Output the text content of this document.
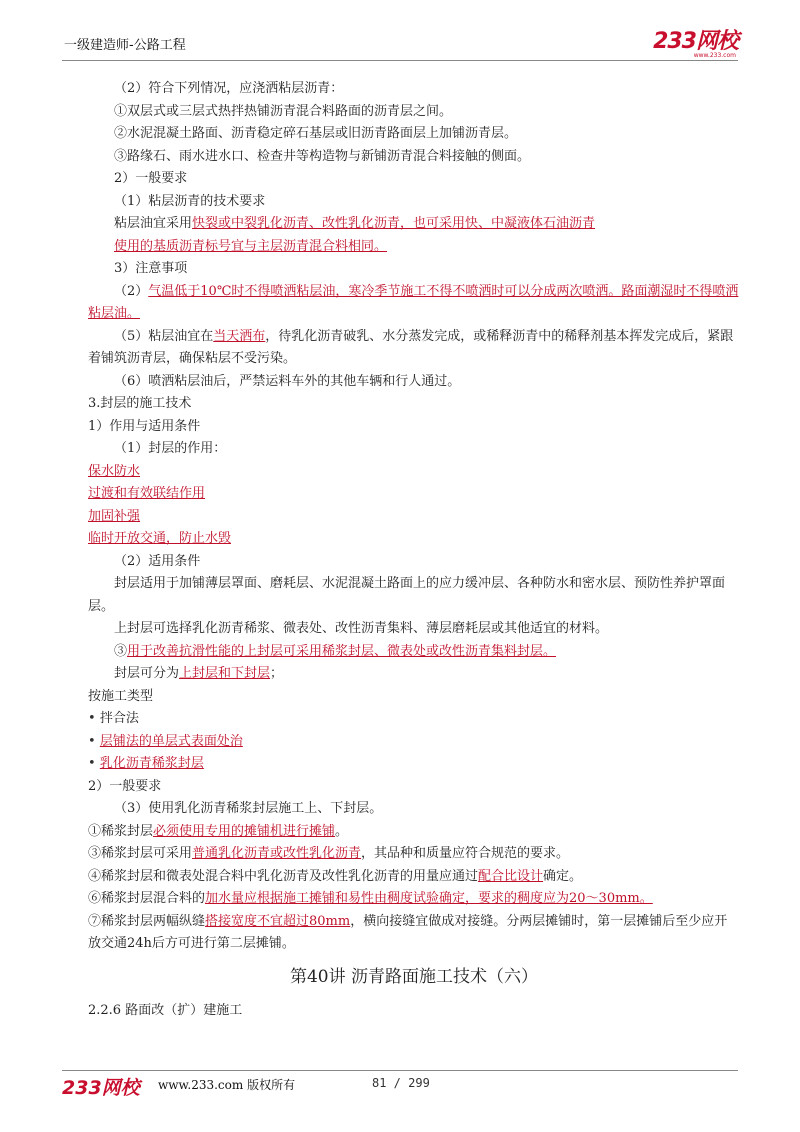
一级建造师-公路工程	233网校
www.233.com

（2）符合下列情况，应浇洒粘层沥青：

①双层式或三层式热拌热铺沥青混合料路面的沥青层之间。

②水泥混凝土路面、沥青稳定碎石基层或旧沥青路面层上加铺沥青层。

③路缘石、雨水进水口、检查井等构造物与新铺沥青混合料接触的侧面。

2）一般要求

（1）粘层沥青的技术要求

粘层油宜采用快裂或中裂乳化沥青、改性乳化沥青，也可采用快、中凝液体石油沥青

使用的基质沥青标号宜与主层沥青混合料相同。

3）注意事项

（2）气温低于10℃时不得喷洒粘层油，寒冷季节施工不得不喷洒时可以分成两次喷洒。路面潮湿时不得喷洒粘层油。

（5）粘层油宜在当天洒布，待乳化沥青破乳、水分蒸发完成，或稀释沥青中的稀释剂基本挥发完成后，紧跟着铺筑沥青层，确保粘层不受污染。

（6）喷洒粘层油后，严禁运料车外的其他车辆和行人通过。

3.封层的施工技术

1）作用与适用条件

（1）封层的作用：

保水防水

过渡和有效联结作用

加固补强

临时开放交通，防止水毁

（2）适用条件

封层适用于加铺薄层罩面、磨耗层、水泥混凝土路面上的应力缓冲层、各种防水和密水层、预防性养护罩面层。

上封层可选择乳化沥青稀浆、微表处、改性沥青集料、薄层磨耗层或其他适宜的材料。

③用于改善抗滑性能的上封层可采用稀浆封层、微表处或改性沥青集料封层。

封层可分为上封层和下封层；

按施工类型

• 拌合法

• 层铺法的单层式表面处治

• 乳化沥青稀浆封层

2）一般要求

（3）使用乳化沥青稀浆封层施工上、下封层。

①稀浆封层必须使用专用的摊铺机进行摊铺。

③稀浆封层可采用普通乳化沥青或改性乳化沥青，其品种和质量应符合规范的要求。

④稀浆封层和微表处混合料中乳化沥青及改性乳化沥青的用量应通过配合比设计确定。

⑥稀浆封层混合料的加水量应根据施工摊铺和易性由稠度试验确定，要求的稠度应为20～30mm。

⑦稀浆封层两幅纵缝搭接宽度不宜超过80mm，横向接缝宜做成对接缝。分两层摊铺时，第一层摊铺后至少应开放交通24h后方可进行第二层摊铺。

第40讲 沥青路面施工技术（六）

2.2.6 路面改（扩）建施工

233网校 www.233.com 版权所有	81 / 299
